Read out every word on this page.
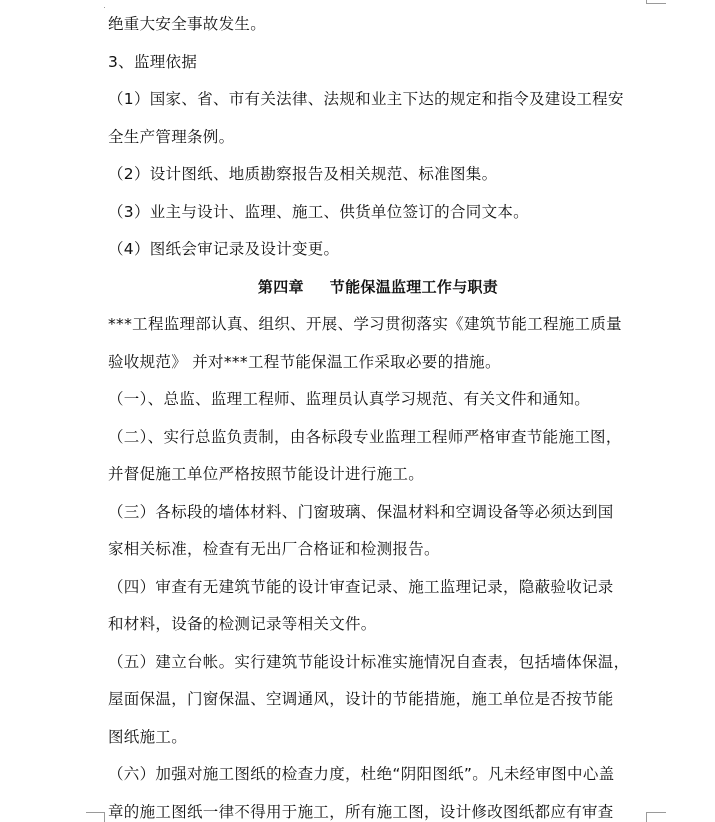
绝重大安全事故发生。
3、监理依据
（1）国家、省、市有关法律、法规和业主下达的规定和指令及建设工程安
全生产管理条例。
（2）设计图纸、地质勘察报告及相关规范、标准图集。
（3）业主与设计、监理、施工、供货单位签订的合同文本。
（4）图纸会审记录及设计变更。
第四章 节能保温监理工作与职责
***工程监理部认真、组织、开展、学习贯彻落实《建筑节能工程施工质量
验收规范》 并对***工程节能保温工作采取必要的措施。
（一）、总监、监理工程师、监理员认真学习规范、有关文件和通知。
（二）、实行总监负责制，由各标段专业监理工程师严格审查节能施工图，
并督促施工单位严格按照节能设计进行施工。
（三）各标段的墙体材料、门窗玻璃、保温材料和空调设备等必须达到国
家相关标准，检查有无出厂合格证和检测报告。
（四）审查有无建筑节能的设计审查记录、施工监理记录，隐蔽验收记录
和材料，设备的检测记录等相关文件。
（五）建立台帐。实行建筑节能设计标准实施情况自查表，包括墙体保温，
屋面保温，门窗保温、空调通风，设计的节能措施，施工单位是否按节能
图纸施工。
（六）加强对施工图纸的检查力度，杜绝“阴阳图纸”。凡未经审图中心盖
章的施工图纸一律不得用于施工，所有施工图，设计修改图纸都应有审查
